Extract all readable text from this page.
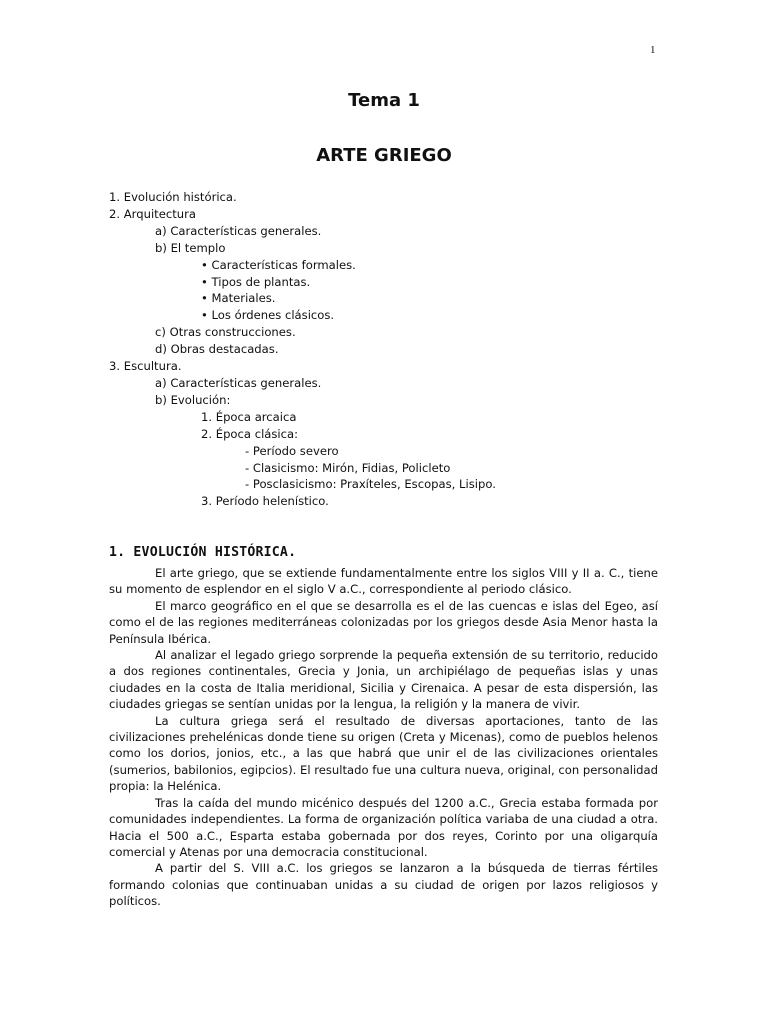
1
Tema 1
ARTE GRIEGO
1. Evolución histórica.
2. Arquitectura
a) Características generales.
b) El templo
• Características formales.
• Tipos de plantas.
• Materiales.
• Los órdenes clásicos.
c) Otras construcciones.
d) Obras destacadas.
3. Escultura.
a) Características generales.
b) Evolución:
1. Época arcaica
2. Época clásica:
- Período severo
- Clasicismo: Mirón, Fidias, Policleto
- Posclasicismo: Praxíteles, Escopas, Lisipo.
3. Período helenístico.
1. EVOLUCIÓN HISTÓRICA.

El arte griego, que se extiende fundamentalmente entre los siglos VIII y II a. C., tiene su momento de esplendor en el siglo V a.C., correspondiente al periodo clásico.

El marco geográfico en el que se desarrolla es el de las cuencas e islas del Egeo, así como el de las regiones mediterráneas colonizadas por los griegos desde Asia Menor hasta la Península Ibérica.

Al analizar el legado griego sorprende la pequeña extensión de su territorio, reducido a dos regiones continentales, Grecia y Jonia, un archipiélago de pequeñas islas y unas ciudades en la costa de Italia meridional, Sicilia y Cirenaica. A pesar de esta dispersión, las ciudades griegas se sentían unidas por la lengua, la religión y la manera de vivir.

La cultura griega será el resultado de diversas aportaciones, tanto de las civilizaciones prehelénicas donde tiene su origen (Creta y Micenas), como de pueblos helenos como los dorios, jonios, etc., a las que habrá que unir el de las civilizaciones orientales (sumerios, babilonios, egipcios). El resultado fue una cultura nueva, original, con personalidad propia: la Helénica.

Tras la caída del mundo micénico después del 1200 a.C., Grecia estaba formada por comunidades independientes. La forma de organización política variaba de una ciudad a otra. Hacia el 500 a.C., Esparta estaba gobernada por dos reyes, Corinto por una oligarquía comercial y Atenas por una democracia constitucional.

A partir del S. VIII a.C. los griegos se lanzaron a la búsqueda de tierras fértiles formando colonias que continuaban unidas a su ciudad de origen por lazos religiosos y políticos.
